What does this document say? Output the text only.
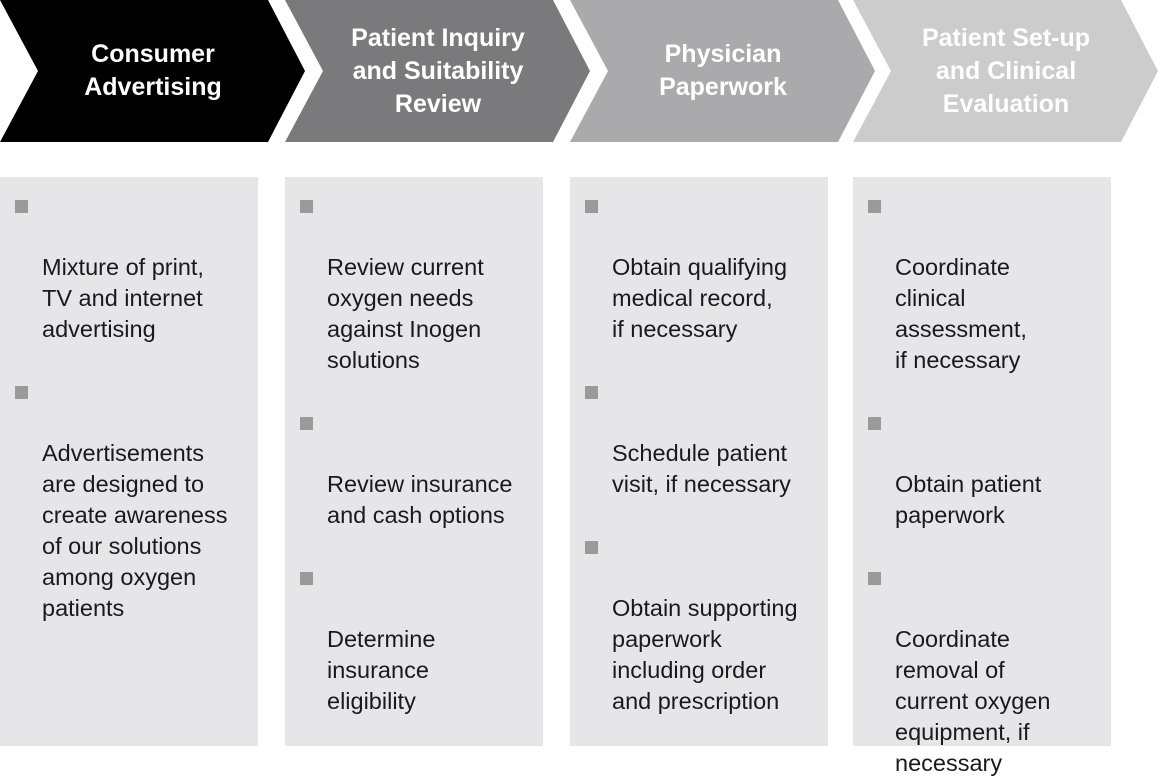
Consumer
Advertising
Patient Inquiry
and Suitability
Review
Physician
Paperwork
Patient Set-up
and Clinical
Evaluation

Mixture of print,
TV and internet
advertising

Advertisements
are designed to
create awareness
of our solutions
among oxygen
patients

Review current
oxygen needs
against Inogen
solutions

Review insurance
and cash options

Determine
insurance
eligibility

Obtain qualifying
medical record,
if necessary

Schedule patient
visit, if necessary

Obtain supporting
paperwork
including order
and prescription

Coordinate
clinical
assessment,
if necessary

Obtain patient
paperwork

Coordinate
removal of
current oxygen
equipment, if
necessary
